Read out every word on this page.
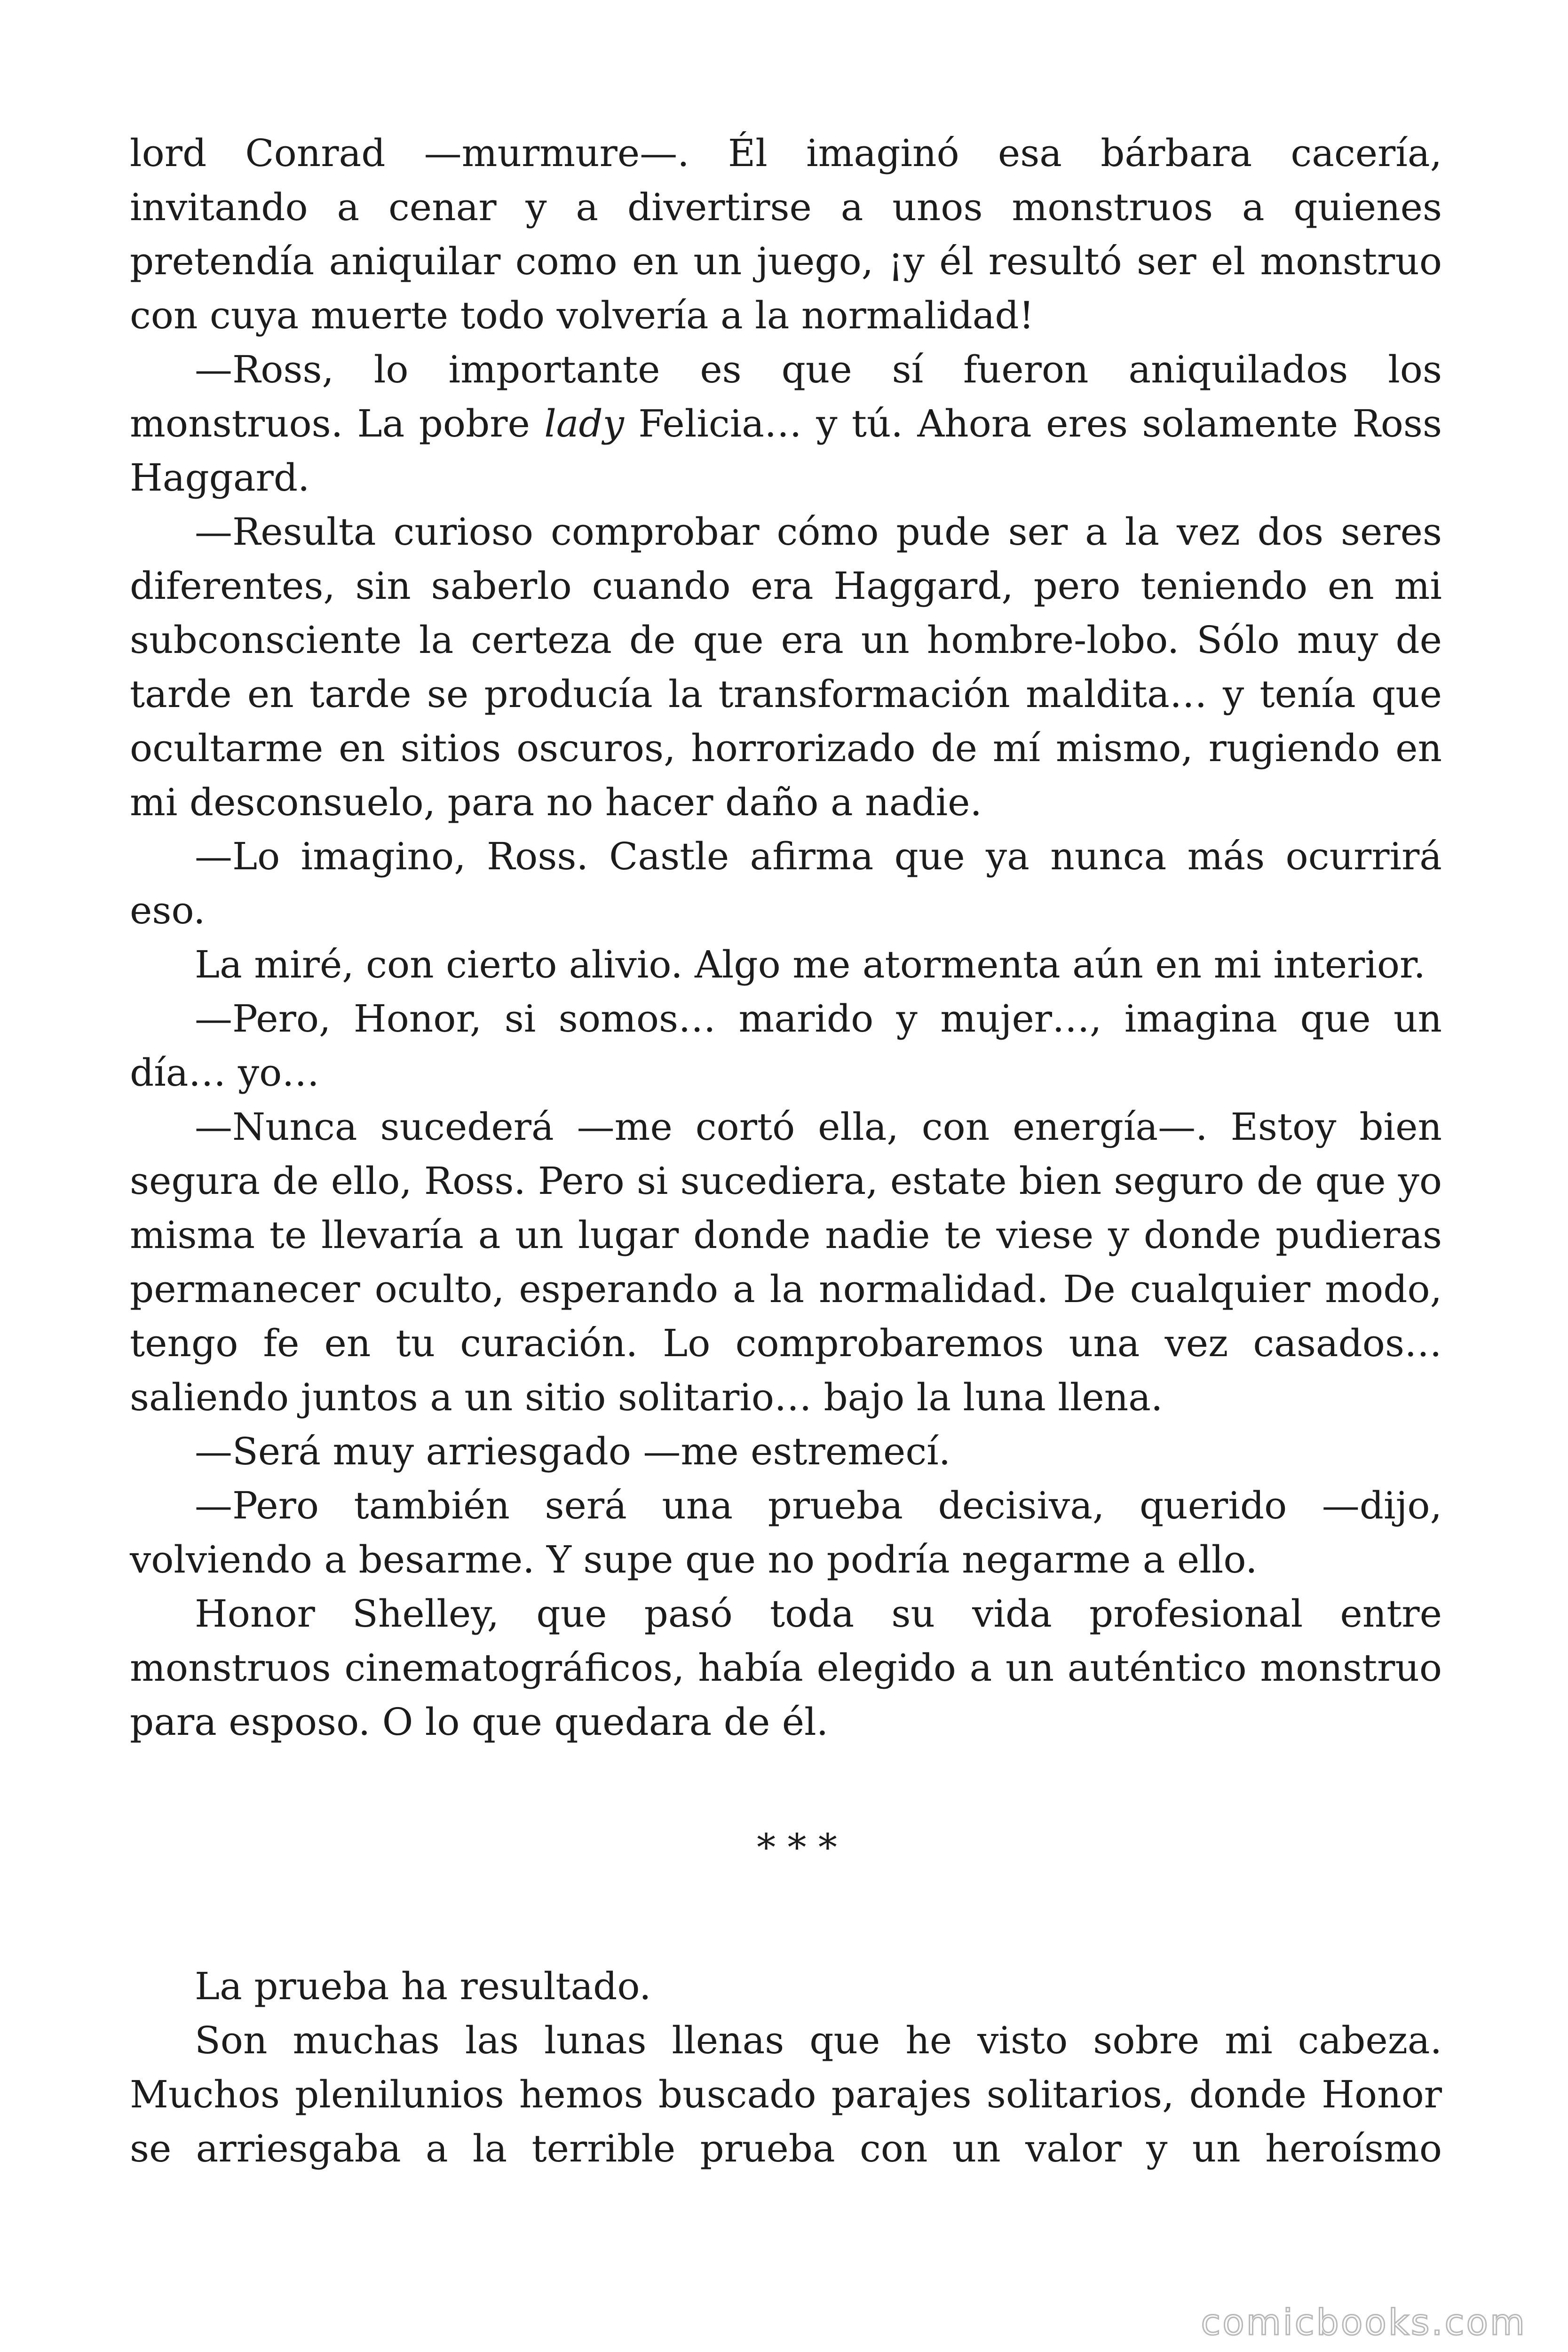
lord Conrad —murmure—. Él imaginó esa bárbara cacería, invitando a cenar y a divertirse a unos monstruos a quienes pretendía aniquilar como en un juego, ¡y él resultó ser el monstruo con cuya muerte todo volvería a la normalidad!

—Ross, lo importante es que sí fueron aniquilados los monstruos. La pobre lady Felicia… y tú. Ahora eres solamente Ross Haggard.

—Resulta curioso comprobar cómo pude ser a la vez dos seres diferentes, sin saberlo cuando era Haggard, pero teniendo en mi subconsciente la certeza de que era un hombre-lobo. Sólo muy de tarde en tarde se producía la transformación maldita… y tenía que ocultarme en sitios oscuros, horrorizado de mí mismo, rugiendo en mi desconsuelo, para no hacer daño a nadie.

—Lo imagino, Ross. Castle afirma que ya nunca más ocurrirá eso.

La miré, con cierto alivio. Algo me atormenta aún en mi interior.

—Pero, Honor, si somos… marido y mujer…, imagina que un día… yo…

—Nunca sucederá —me cortó ella, con energía—. Estoy bien segura de ello, Ross. Pero si sucediera, estate bien seguro de que yo misma te llevaría a un lugar donde nadie te viese y donde pudieras permanecer oculto, esperando a la normalidad. De cualquier modo, tengo fe en tu curación. Lo comprobaremos una vez casados… saliendo juntos a un sitio solitario… bajo la luna llena.

—Será muy arriesgado —me estremecí.

—Pero también será una prueba decisiva, querido —dijo, volviendo a besarme. Y supe que no podría negarme a ello.

Honor Shelley, que pasó toda su vida profesional entre monstruos cinematográficos, había elegido a un auténtico monstruo para esposo. O lo que quedara de él.

* * *

La prueba ha resultado.

Son muchas las lunas llenas que he visto sobre mi cabeza. Muchos plenilunios hemos buscado parajes solitarios, donde Honor se arriesgaba a la terrible prueba con un valor y un heroísmo

comicbooks.com
